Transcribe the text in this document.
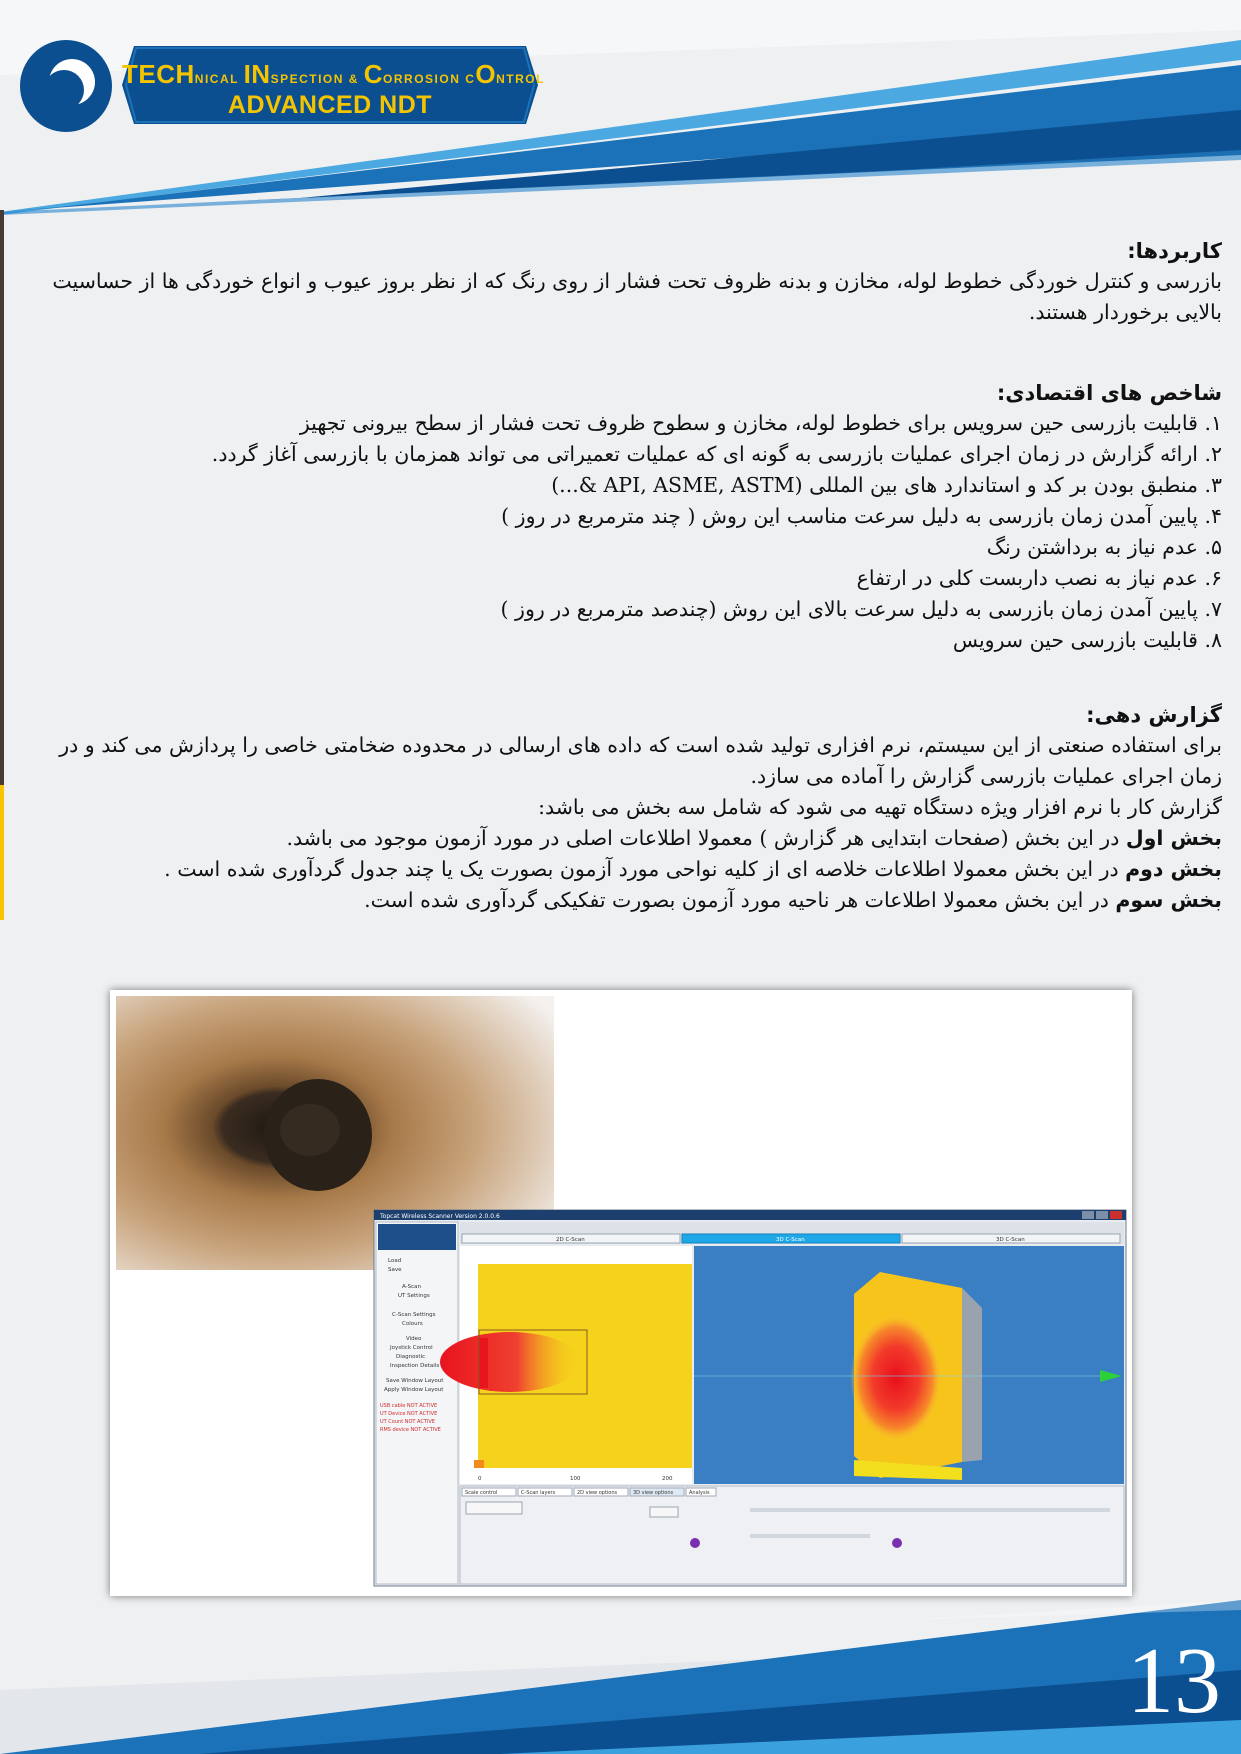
TECHNICAL INSPECTION & CORROSION CONTROL
ADVANCED NDT
کاربردها:

بازرسی و کنترل خوردگی خطوط لوله، مخازن و بدنه ظروف تحت فشار از روی رنگ که از نظر بروز عیوب و انواع خوردگی ها از حساسیت بالایی برخوردار هستند.

شاخص های اقتصادی:
۱. قابلیت بازرسی حین سرویس برای خطوط لوله، مخازن و سطوح ظروف تحت فشار از سطح بیرونی تجهیز
۲. ارائه گزارش در زمان اجرای عملیات بازرسی به گونه ای که عملیات تعمیراتی می تواند همزمان با بازرسی آغاز گردد.
۳. منطبق بودن بر کد و استاندارد های بین المللی (API, ASME, ASTM &...)
۴. پایین آمدن زمان بازرسی به دلیل سرعت مناسب این روش ( چند مترمربع در روز )
۵. عدم نیاز به برداشتن رنگ
۶. عدم نیاز به نصب داربست کلی در ارتفاع
۷. پایین آمدن زمان بازرسی به دلیل سرعت بالای این روش (چندصد مترمربع در روز )
۸. قابلیت بازرسی حین سرویس
گزارش دهی:

برای استفاده صنعتی از این سیستم، نرم افزاری تولید شده است که داده های ارسالی در محدوده ضخامتی خاصی را پردازش می کند و در زمان اجرای عملیات بازرسی گزارش را آماده می سازد.

گزارش کار با نرم افزار ویژه دستگاه تهیه می شود که شامل سه بخش می باشد:

بخش اول در این بخش (صفحات ابتدایی هر گزارش ) معمولا اطلاعات اصلی در مورد آزمون موجود می باشد.

بخش دوم در این بخش معمولا اطلاعات خلاصه ای از کلیه نواحی مورد آزمون بصورت یک یا چند جدول گردآوری شده است .

بخش سوم در این بخش معمولا اطلاعات هر ناحیه مورد آزمون بصورت تفکیکی گردآوری شده است.

Topcat Wireless Scanner Version 2.0.0.6
Load
Save
A-Scan
UT Settings
C-Scan Settings
Colours
Video
Joystick Control
Diagnostic
Inspection Details
Save Window Layout
Apply Window Layout
USB cable NOT ACTIVE
UT Device NOT ACTIVE
UT Count NOT ACTIVE
RMS device NOT ACTIVE
2D C-Scan	3D C-Scan	3D C-Scan
0	100	200
Scale control	C-Scan layers	2D view options	3D view options	Analysis
13
